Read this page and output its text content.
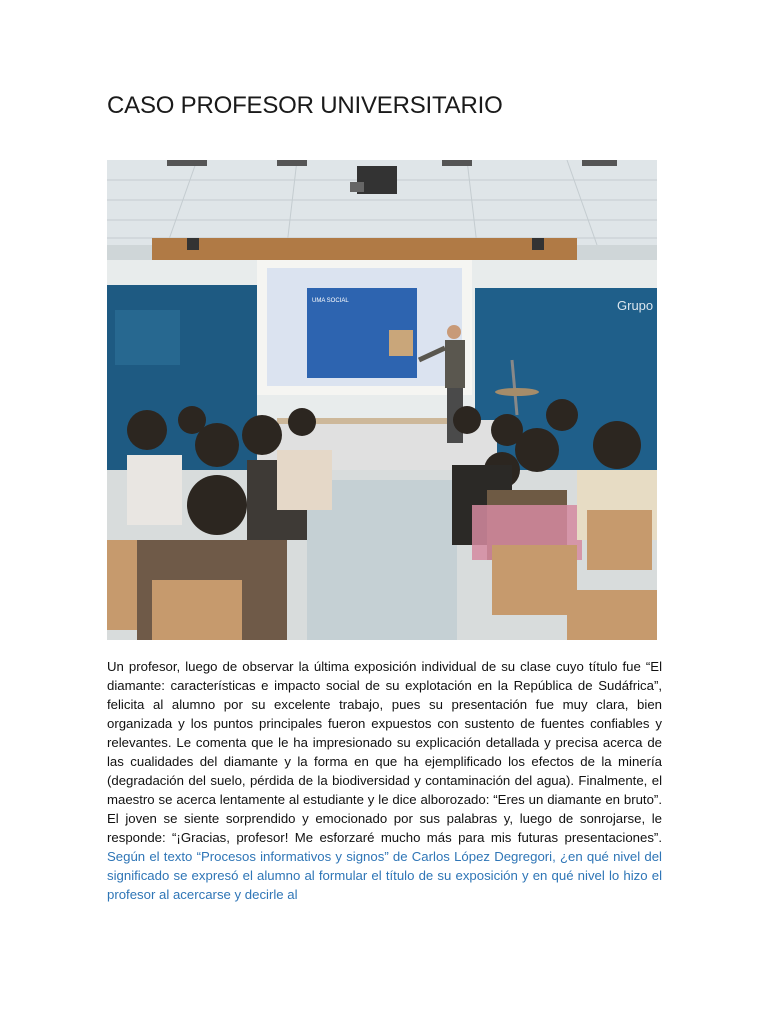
CASO PROFESOR UNIVERSITARIO
Grupo
UMA SOCIAL

Un profesor, luego de observar la última exposición individual de su clase cuyo título fue “El diamante: características e impacto social de su explotación en la República de Sudáfrica”, felicita al alumno por su excelente trabajo, pues su presentación fue muy clara, bien organizada y los puntos principales fueron expuestos con sustento de fuentes confiables y relevantes. Le comenta que le ha impresionado su explicación detallada y precisa acerca de las cualidades del diamante y la forma en que ha ejemplificado los efectos de la minería (degradación del suelo, pérdida de la biodiversidad y contaminación del agua). Finalmente, el maestro se acerca lentamente al estudiante y le dice alborozado: “Eres un diamante en bruto”. El joven se siente sorprendido y emocionado por sus palabras y, luego de sonrojarse, le responde: “¡Gracias, profesor! Me esforzaré mucho más para mis futuras presentaciones”. Según el texto “Procesos informativos y signos” de Carlos López Degregori, ¿en qué nivel del significado se expresó el alumno al formular el título de su exposición y en qué nivel lo hizo el profesor al acercarse y decirle al
